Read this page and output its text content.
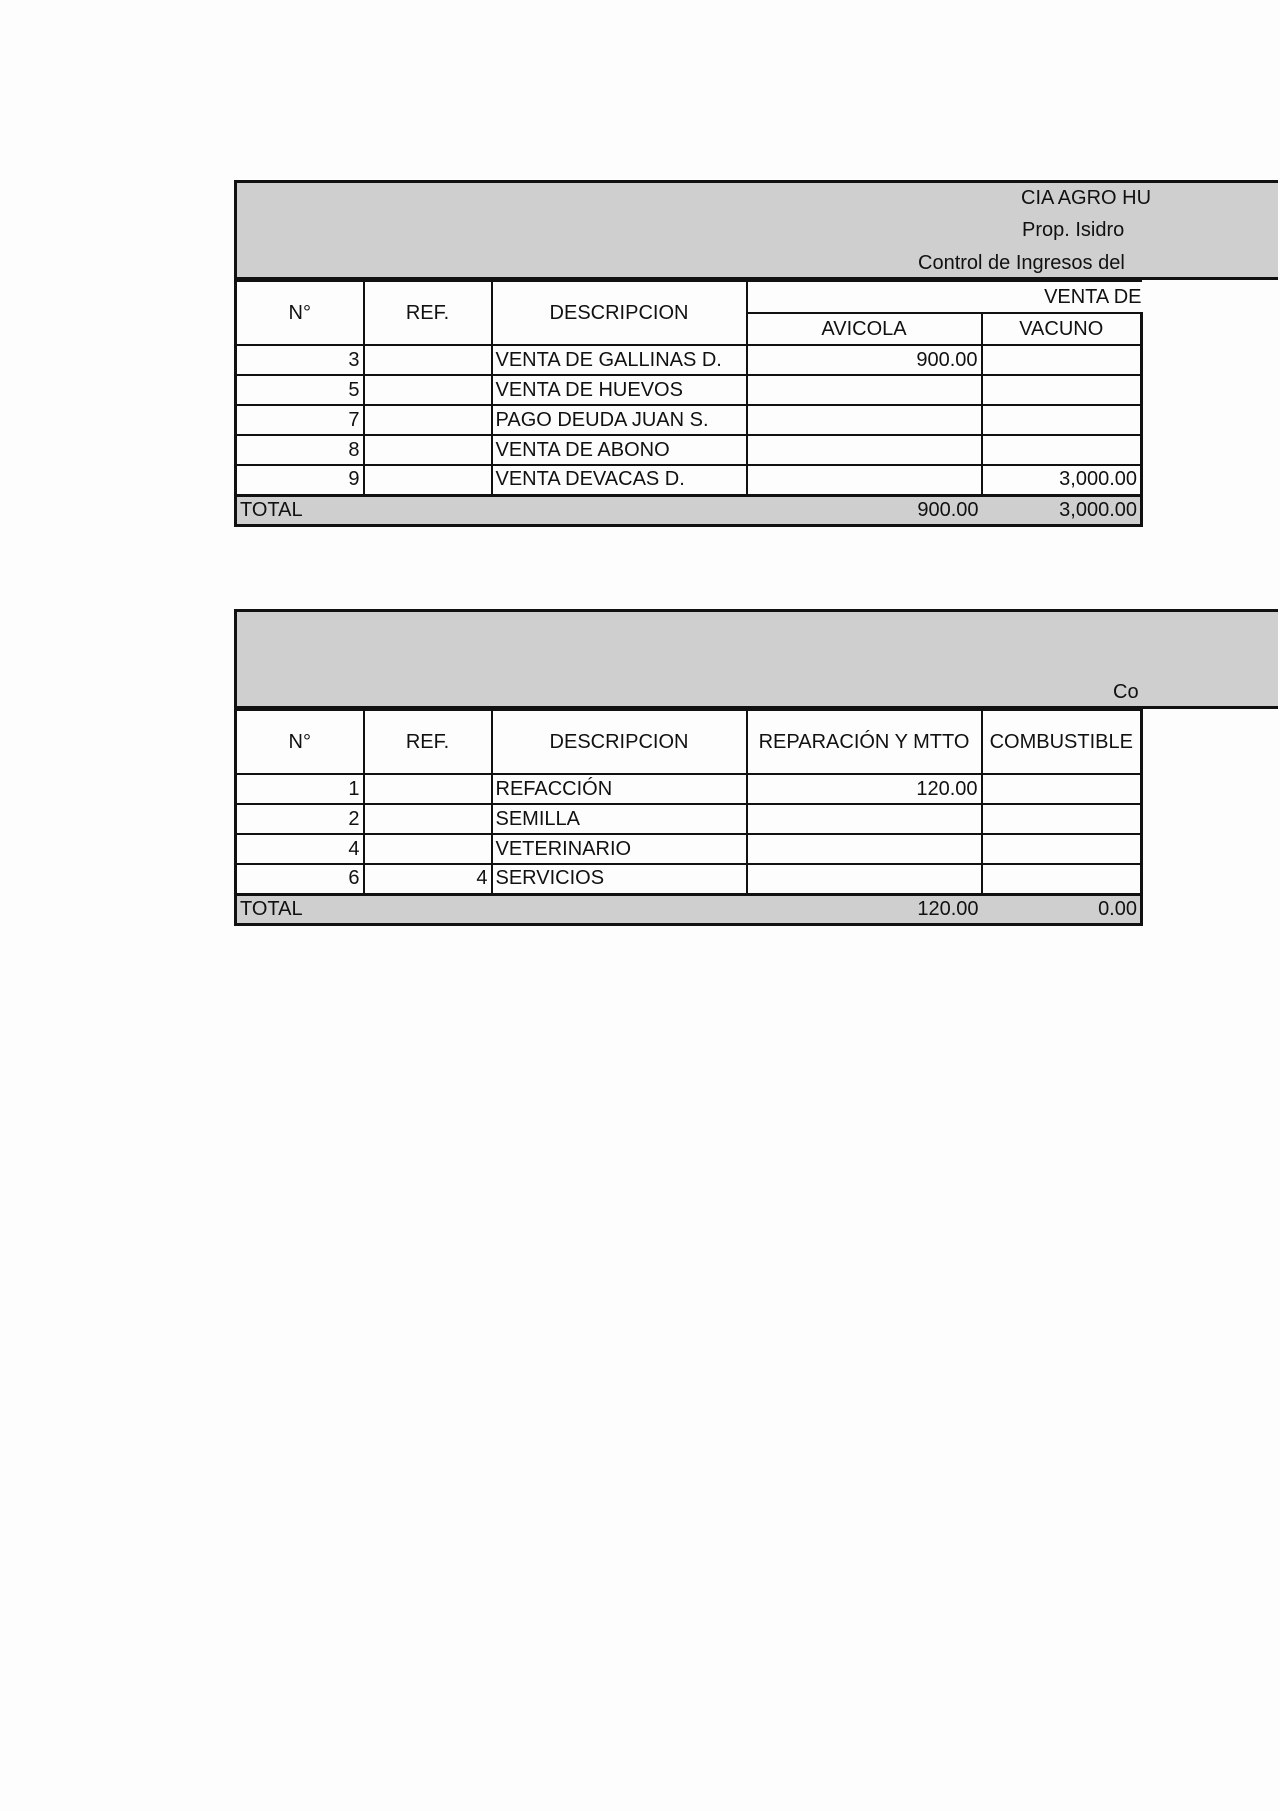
CIA AGRO HU
Prop. Isidro
Control de Ingresos del
N°	REF.	DESCRIPCION	VENTA DE	
			AVICOLA	VACUNO
3		VENTA DE GALLINAS D.	900.00	
5		VENTA DE HUEVOS		
7		PAGO DEUDA JUAN S.		
8		VENTA DE ABONO		
9		VENTA DEVACAS D.		3,000.00
TOTAL			900.00	3,000.00
Co
N°	REF.	DESCRIPCION	REPARACIÓN Y MTTO	COMBUSTIBLE
1		REFACCIÓN	120.00	
2		SEMILLA		
4		VETERINARIO		
6	4	SERVICIOS		
TOTAL			120.00	0.00
